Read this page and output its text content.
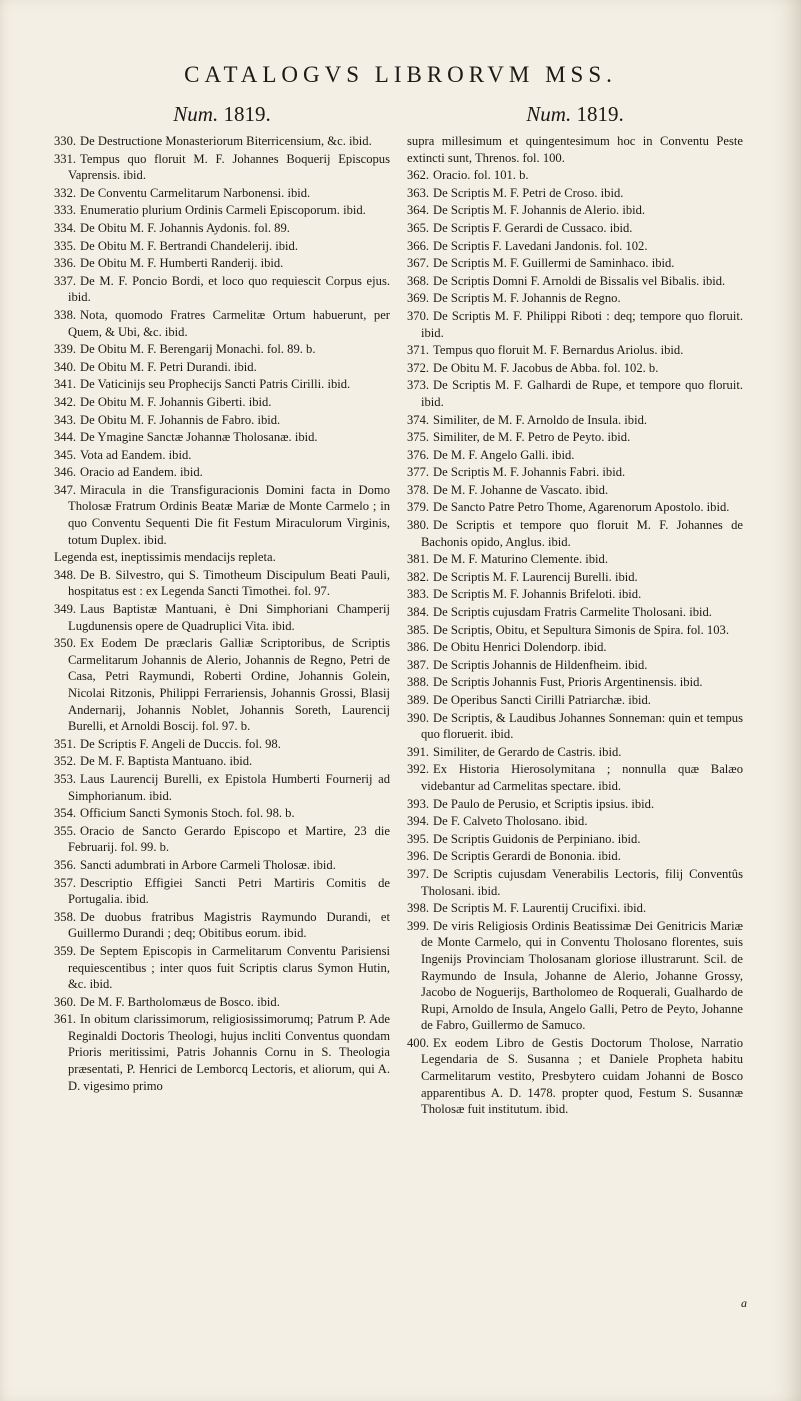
CATALOGVS LIBRORVM MSS.
Num. 1819.
330. De Destructione Monasteriorum Biterricensium, &c. ibid.
331. Tempus quo floruit M. F. Johannes Boquerij Episcopus Vaprensis. ibid.
332. De Conventu Carmelitarum Narbonensi. ibid.
333. Enumeratio plurium Ordinis Carmeli Episcoporum. ibid.
334. De Obitu M. F. Johannis Aydonis. fol. 89.
335. De Obitu M. F. Bertrandi Chandelerij. ibid.
336. De Obitu M. F. Humberti Randerij. ibid.
337. De M. F. Poncio Bordi, et loco quo requiescit Corpus ejus. ibid.
338. Nota, quomodo Fratres Carmelitæ Ortum habuerunt, per Quem, & Ubi, &c. ibid.
339. De Obitu M. F. Berengarij Monachi. fol. 89. b.
340. De Obitu M. F. Petri Durandi. ibid.
341. De Vaticinijs seu Prophecijs Sancti Patris Cirilli. ibid.
342. De Obitu M. F. Johannis Giberti. ibid.
343. De Obitu M. F. Johannis de Fabro. ibid.
344. De Ymagine Sanctæ Johannæ Tholosanæ. ibid.
345. Vota ad Eandem. ibid.
346. Oracio ad Eandem. ibid.
347. Miracula in die Transfiguracionis Domini facta in Domo Tholosæ Fratrum Ordinis Beatæ Mariæ de Monte Carmelo ; in quo Conventu Sequenti Die fit Festum Miraculorum Virginis, totum Duplex. ibid.
Legenda est, ineptissimis mendacijs repleta.
348. De B. Silvestro, qui S. Timotheum Discipulum Beati Pauli, hospitatus est : ex Legenda Sancti Timothei. fol. 97.
349. Laus Baptistæ Mantuani, è Dni Simphoriani Champerij Lugdunensis opere de Quadruplici Vita. ibid.
350. Ex Eodem De præclaris Galliæ Scriptoribus, de Scriptis Carmelitarum Johannis de Alerio, Johannis de Regno, Petri de Casa, Petri Raymundi, Roberti Ordine, Johannis Golein, Nicolai Ritzonis, Philippi Ferrariensis, Johannis Grossi, Blasij Andernarij, Johannis Noblet, Johannis Soreth, Laurencij Burelli, et Arnoldi Boscij. fol. 97. b.
351. De Scriptis F. Angeli de Duccis. fol. 98.
352. De M. F. Baptista Mantuano. ibid.
353. Laus Laurencij Burelli, ex Epistola Humberti Fournerij ad Simphorianum. ibid.
354. Officium Sancti Symonis Stoch. fol. 98. b.
355. Oracio de Sancto Gerardo Episcopo et Martire, 23 die Februarij. fol. 99. b.
356. Sancti adumbrati in Arbore Carmeli Tholosæ. ibid.
357. Descriptio Effigiei Sancti Petri Martiris Comitis de Portugalia. ibid.
358. De duobus fratribus Magistris Raymundo Durandi, et Guillermo Durandi ; deq; Obitibus eorum. ibid.
359. De Septem Episcopis in Carmelitarum Conventu Parisiensi requiescentibus ; inter quos fuit Scriptis clarus Symon Hutin, &c. ibid.
360. De M. F. Bartholomæus de Bosco. ibid.
361. In obitum clarissimorum, religiosissimorumq; Patrum P. Ade Reginaldi Doctoris Theologi, hujus incliti Conventus quondam Prioris meritissimi, Patris Johannis Cornu in S. Theologia præsentati, P. Henrici de Lemborcq Lectoris, et aliorum, qui A. D. vigesimo primo
Num. 1819.
supra millesimum et quingentesimum hoc in Conventu Peste extincti sunt, Threnos. fol. 100.
362. Oracio. fol. 101. b.
363. De Scriptis M. F. Petri de Croso. ibid.
364. De Scriptis M. F. Johannis de Alerio. ibid.
365. De Scriptis F. Gerardi de Cussaco. ibid.
366. De Scriptis F. Lavedani Jandonis. fol. 102.
367. De Scriptis M. F. Guillermi de Saminhaco. ibid.
368. De Scriptis Domni F. Arnoldi de Bissalis vel Bibalis. ibid.
369. De Scriptis M. F. Johannis de Regno.
370. De Scriptis M. F. Philippi Riboti : deq; tempore quo floruit. ibid.
371. Tempus quo floruit M. F. Bernardus Ariolus. ibid.
372. De Obitu M. F. Jacobus de Abba. fol. 102. b.
373. De Scriptis M. F. Galhardi de Rupe, et tempore quo floruit. ibid.
374. Similiter, de M. F. Arnoldo de Insula. ibid.
375. Similiter, de M. F. Petro de Peyto. ibid.
376. De M. F. Angelo Galli. ibid.
377. De Scriptis M. F. Johannis Fabri. ibid.
378. De M. F. Johanne de Vascato. ibid.
379. De Sancto Patre Petro Thome, Agarenorum Apostolo. ibid.
380. De Scriptis et tempore quo floruit M. F. Johannes de Bachonis opido, Anglus. ibid.
381. De M. F. Maturino Clemente. ibid.
382. De Scriptis M. F. Laurencij Burelli. ibid.
383. De Scriptis M. F. Johannis Brifeloti. ibid.
384. De Scriptis cujusdam Fratris Carmelite Tholosani. ibid.
385. De Scriptis, Obitu, et Sepultura Simonis de Spira. fol. 103.
386. De Obitu Henrici Dolendorp. ibid.
387. De Scriptis Johannis de Hildenfheim. ibid.
388. De Scriptis Johannis Fust, Prioris Argentinensis. ibid.
389. De Operibus Sancti Cirilli Patriarchæ. ibid.
390. De Scriptis, & Laudibus Johannes Sonneman: quin et tempus quo floruerit. ibid.
391. Similiter, de Gerardo de Castris. ibid.
392. Ex Historia Hierosolymitana ; nonnulla quæ Balæo videbantur ad Carmelitas spectare. ibid.
393. De Paulo de Perusio, et Scriptis ipsius. ibid.
394. De F. Calveto Tholosano. ibid.
395. De Scriptis Guidonis de Perpiniano. ibid.
396. De Scriptis Gerardi de Bononia. ibid.
397. De Scriptis cujusdam Venerabilis Lectoris, filij Conventûs Tholosani. ibid.
398. De Scriptis M. F. Laurentij Crucifixi. ibid.
399. De viris Religiosis Ordinis Beatissimæ Dei Genitricis Mariæ de Monte Carmelo, qui in Conventu Tholosano florentes, suis Ingenijs Provinciam Tholosanam gloriose illustrarunt. Scil. de Raymundo de Insula, Johanne de Alerio, Johanne Grossy, Jacobo de Noguerijs, Bartholomeo de Roquerali, Gualhardo de Rupi, Arnoldo de Insula, Angelo Galli, Petro de Peyto, Johanne de Fabro, Guillermo de Samuco.
400. Ex eodem Libro de Gestis Doctorum Tholose, Narratio Legendaria de S. Susanna ; et Daniele Propheta habitu Carmelitarum vestito, Presbytero cuidam Johanni de Bosco apparentibus A. D. 1478. propter quod, Festum S. Susannæ Tholosæ fuit institutum. ibid.
a
